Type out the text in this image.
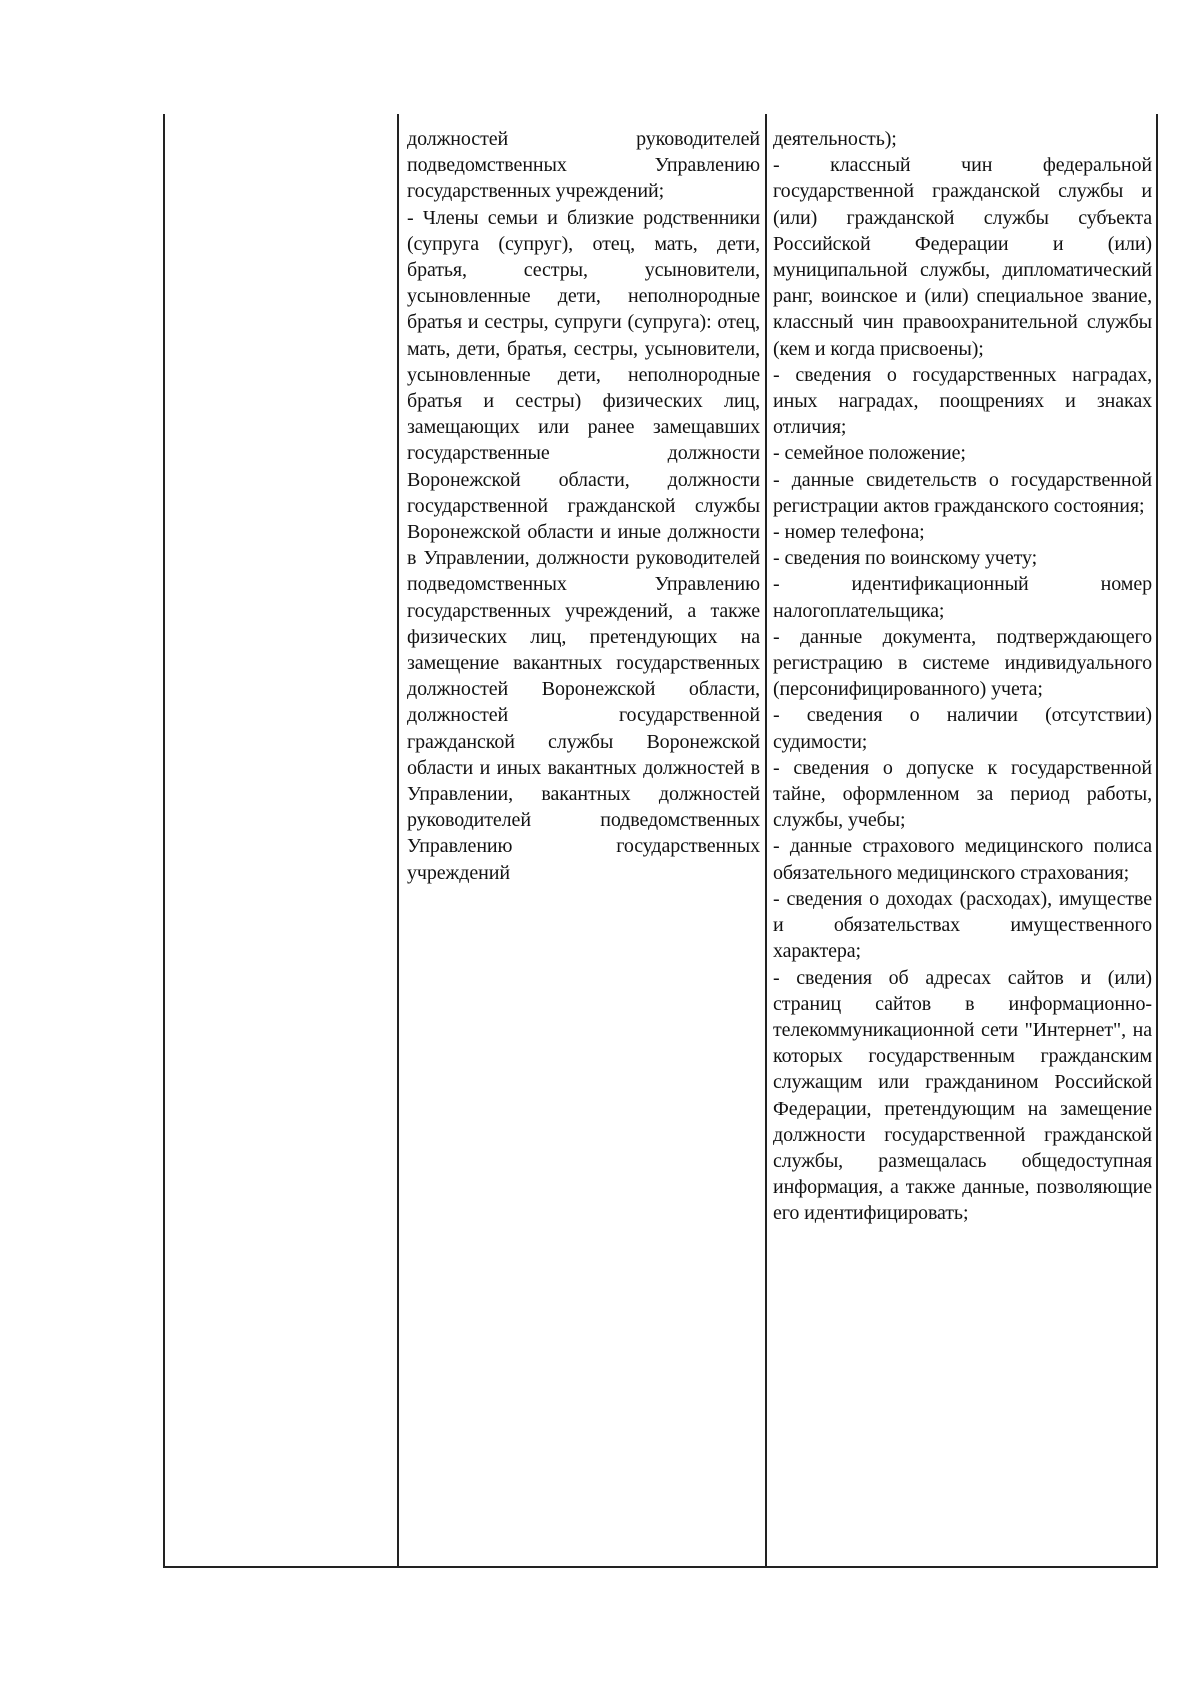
должностей руководителей подведомственных Управлению государственных учреждений;
- Члены семьи и близкие родственники (супруга (супруг), отец, мать, дети, братья, сестры, усыновители, усыновленные дети, неполнородные братья и сестры, супруги (супруга): отец, мать, дети, братья, сестры, усыновители, усыновленные дети, неполнородные братья и сестры) физических лиц, замещающих или ранее замещавших государственные должности Воронежской области, должности государственной гражданской службы Воронежской области и иные должности в Управлении, должности руководителей подведомственных Управлению государственных учреждений, а также физических лиц, претендующих на замещение вакантных государственных должностей Воронежской области, должностей государственной гражданской службы Воронежской области и иных вакантных должностей в Управлении, вакантных должностей руководителей подведомственных Управлению государственных учреждений

деятельность);
- классный чин федеральной государственной гражданской службы и (или) гражданской службы субъекта Российской Федерации и (или) муниципальной службы, дипломатический ранг, воинское и (или) специальное звание, классный чин правоохранительной службы (кем и когда присвоены);
- сведения о государственных наградах, иных наградах, поощрениях и знаках отличия;
- семейное положение;
- данные свидетельств о государственной регистрации актов гражданского состояния;
- номер телефона;
- сведения по воинскому учету;
- идентификационный номер налогоплательщика;
- данные документа, подтверждающего регистрацию в системе индивидуального (персонифицированного) учета;
- сведения о наличии (отсутствии) судимости;
- сведения о допуске к государственной тайне, оформленном за период работы, службы, учебы;
- данные страхового медицинского полиса обязательного медицинского страхования;
- сведения о доходах (расходах), имуществе и обязательствах имущественного характера;
- сведения об адресах сайтов и (или) страниц сайтов в информационно-телекоммуникационной сети "Интернет", на которых государственным гражданским служащим или гражданином Российской Федерации, претендующим на замещение должности государственной гражданской службы, размещалась общедоступная информация, а также данные, позволяющие его идентифицировать;
